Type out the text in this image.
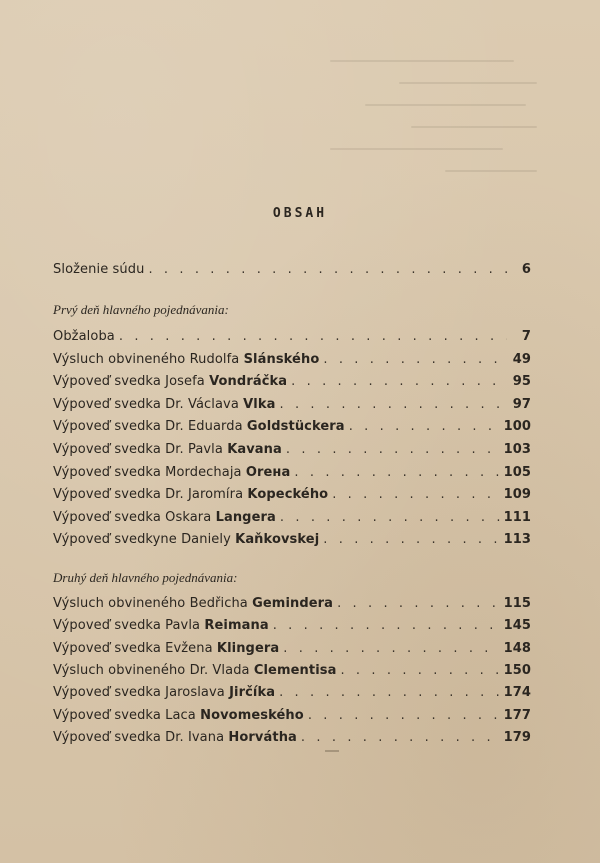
OBSAH
Složenie súdu . . .	6
Prvý deň hlavného pojednávania:
Obžaloba . . .	7
Výsluch obvineného Rudolfa Slánského . . .	49
Výpoveď svedka Josefa Vondráčka . . .	95
Výpoveď svedka Dr. Václava Vlka . . .	97
Výpoveď svedka Dr. Eduarda Goldstückera . . .	100
Výpoveď svedka Dr. Pavla Kavana . . .	103
Výpoveď svedka Mordechaja Oreна . . .	105
Výpoveď svedka Dr. Jaromíra Kopeckého . . .	109
Výpoveď svedka Oskara Langera . . .	111
Výpoveď svedkyne Daniely Kaňkovskej . . .	113
Druhý deň hlavného pojednávania:
Výsluch obvineného Bedřicha Gemindera . . .	115
Výpoveď svedka Pavla Reimana . . .	145
Výpoveď svedka Evžena Klingera . . .	148
Výsluch obvineného Dr. Vlada Clementisa . . .	150
Výpoveď svedka Jaroslava Jirčíka . . .	174
Výpoveď svedka Laca Novomeského . . .	177
Výpoveď svedka Dr. Ivana Horvátha . . .	179
